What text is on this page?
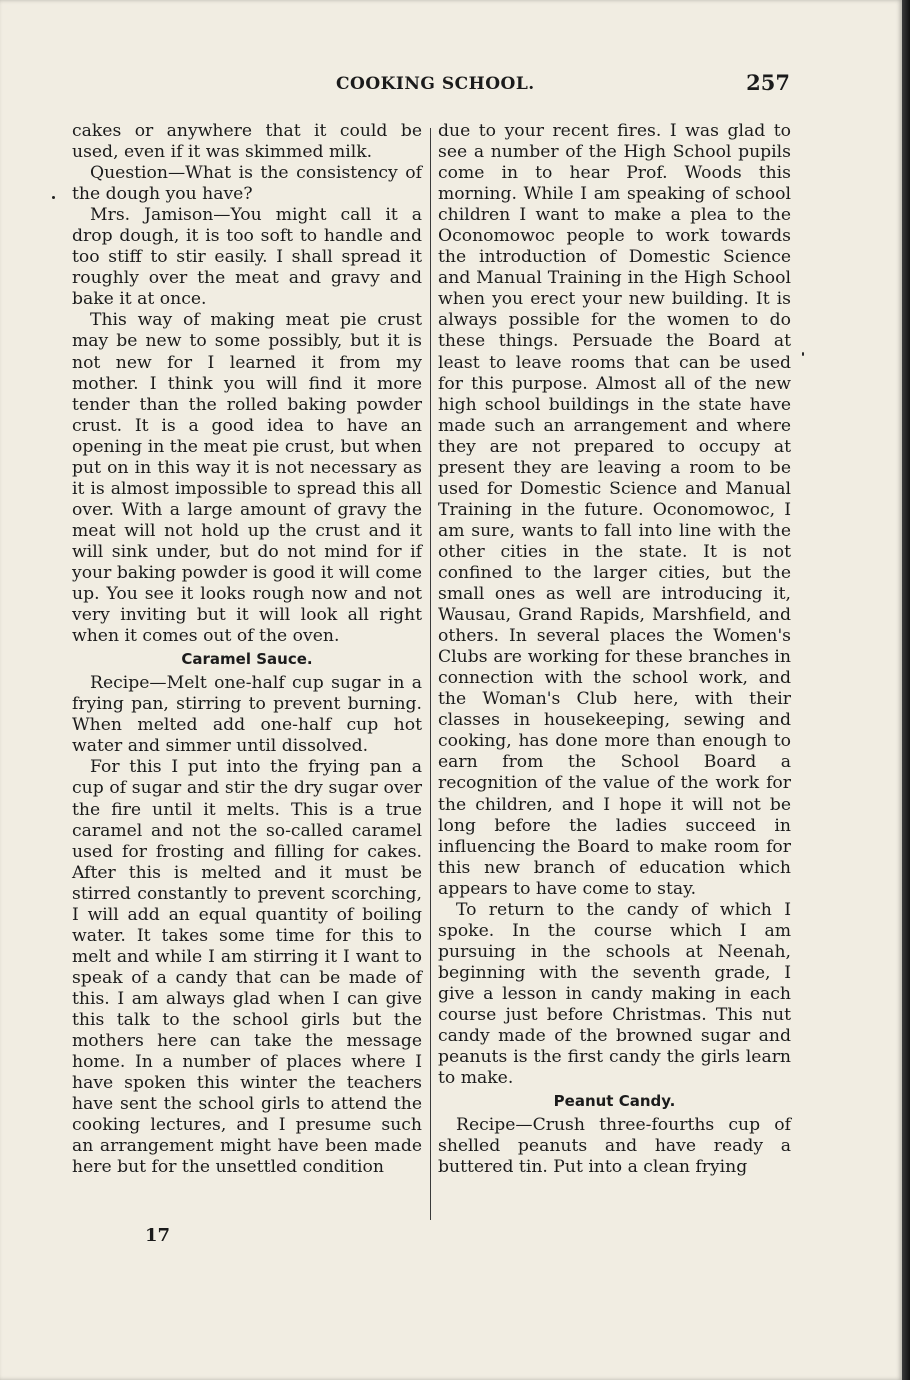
COOKING SCHOOL.	257

cakes or anywhere that it could be used, even if it was skimmed milk.

Question—What is the consistency of the dough you have?

Mrs. Jamison—You might call it a drop dough, it is too soft to handle and too stiff to stir easily. I shall spread it roughly over the meat and gravy and bake it at once.

This way of making meat pie crust may be new to some possibly, but it is not new for I learned it from my mother. I think you will find it more tender than the rolled baking powder crust. It is a good idea to have an opening in the meat pie crust, but when put on in this way it is not necessary as it is almost impossible to spread this all over. With a large amount of gravy the meat will not hold up the crust and it will sink under, but do not mind for if your baking powder is good it will come up. You see it looks rough now and not very inviting but it will look all right when it comes out of the oven.

Caramel Sauce.

Recipe—Melt one-half cup sugar in a frying pan, stirring to prevent burning. When melted add one-half cup hot water and simmer until dissolved.

For this I put into the frying pan a cup of sugar and stir the dry sugar over the fire until it melts. This is a true caramel and not the so-called caramel used for frosting and filling for cakes. After this is melted and it must be stirred constantly to prevent scorching, I will add an equal quantity of boiling water. It takes some time for this to melt and while I am stirring it I want to speak of a candy that can be made of this. I am always glad when I can give this talk to the school girls but the mothers here can take the message home. In a number of places where I have spoken this winter the teachers have sent the school girls to attend the cooking lectures, and I presume such an arrangement might have been made here but for the unsettled condition

due to your recent fires. I was glad to see a number of the High School pupils come in to hear Prof. Woods this morning. While I am speaking of school children I want to make a plea to the Oconomowoc people to work towards the introduction of Domestic Science and Manual Training in the High School when you erect your new building. It is always possible for the women to do these things. Persuade the Board at least to leave rooms that can be used for this purpose. Almost all of the new high school buildings in the state have made such an arrangement and where they are not prepared to occupy at present they are leaving a room to be used for Domestic Science and Manual Training in the future. Oconomowoc, I am sure, wants to fall into line with the other cities in the state. It is not confined to the larger cities, but the small ones as well are introducing it, Wausau, Grand Rapids, Marshfield, and others. In several places the Women's Clubs are working for these branches in connection with the school work, and the Woman's Club here, with their classes in housekeeping, sewing and cooking, has done more than enough to earn from the School Board a recognition of the value of the work for the children, and I hope it will not be long before the ladies succeed in influencing the Board to make room for this new branch of education which appears to have come to stay.

To return to the candy of which I spoke. In the course which I am pursuing in the schools at Neenah, beginning with the seventh grade, I give a lesson in candy making in each course just before Christmas. This nut candy made of the browned sugar and peanuts is the first candy the girls learn to make.

Peanut Candy.

Recipe—Crush three-fourths cup of shelled peanuts and have ready a buttered tin. Put into a clean frying

17
